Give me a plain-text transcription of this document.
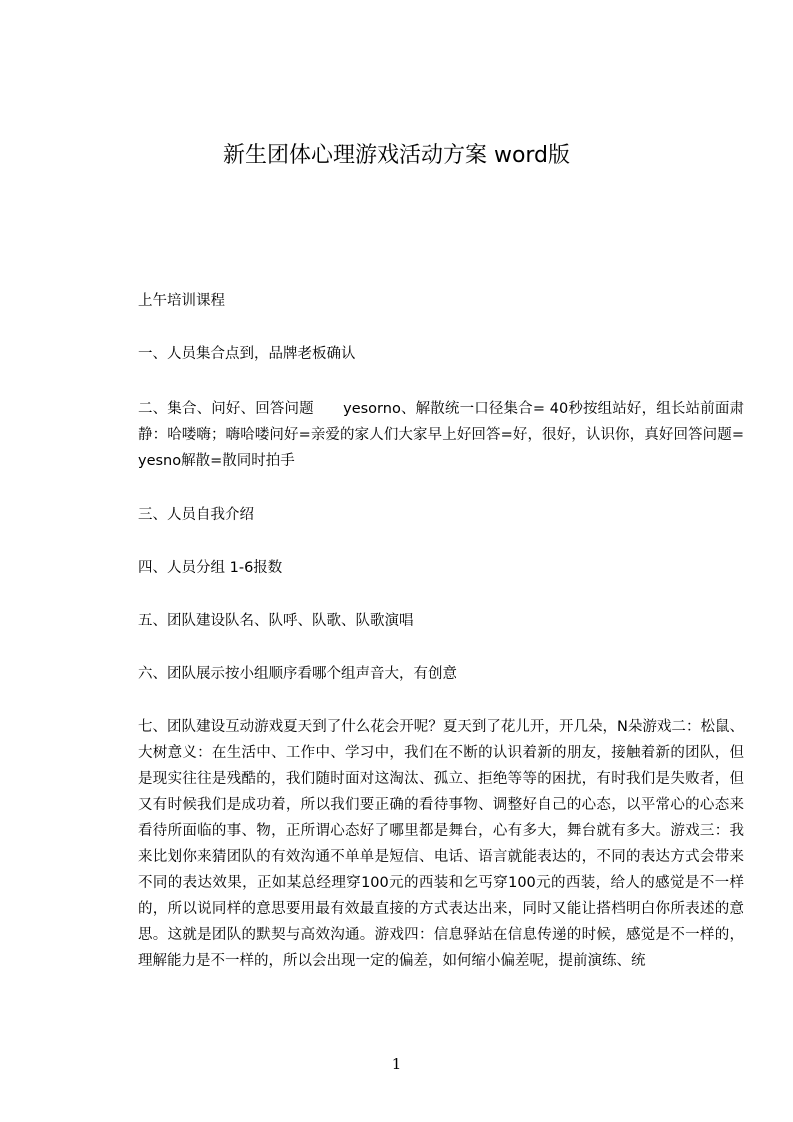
新生团体心理游戏活动方案 word版

上午培训课程

一、人员集合点到，品牌老板确认

二、集合、问好、回答问题　　yesorno、解散统一口径集合= 40秒按组站好，组长站前面肃静：哈喽嗨；嗨哈喽问好=亲爱的家人们大家早上好回答=好，很好，认识你，真好回答问题=yesno解散=散同时拍手

三、人员自我介绍

四、人员分组 1-6报数

五、团队建设队名、队呼、队歌、队歌演唱

六、团队展示按小组顺序看哪个组声音大，有创意

七、团队建设互动游戏夏天到了什么花会开呢？夏天到了花儿开，开几朵，N朵游戏二：松鼠、大树意义：在生活中、工作中、学习中，我们在不断的认识着新的朋友，接触着新的团队，但是现实往往是残酷的，我们随时面对这淘汰、孤立、拒绝等等的困扰，有时我们是失败者，但又有时候我们是成功着，所以我们要正确的看待事物、调整好自己的心态，以平常心的心态来看待所面临的事、物，正所谓心态好了哪里都是舞台，心有多大，舞台就有多大。游戏三：我来比划你来猜团队的有效沟通不单单是短信、电话、语言就能表达的，不同的表达方式会带来不同的表达效果，正如某总经理穿100元的西装和乞丐穿100元的西装，给人的感觉是不一样的，所以说同样的意思要用最有效最直接的方式表达出来，同时又能让搭档明白你所表述的意思。这就是团队的默契与高效沟通。游戏四：信息驿站在信息传递的时候，感觉是不一样的，理解能力是不一样的，所以会出现一定的偏差，如何缩小偏差呢，提前演练、统

1
